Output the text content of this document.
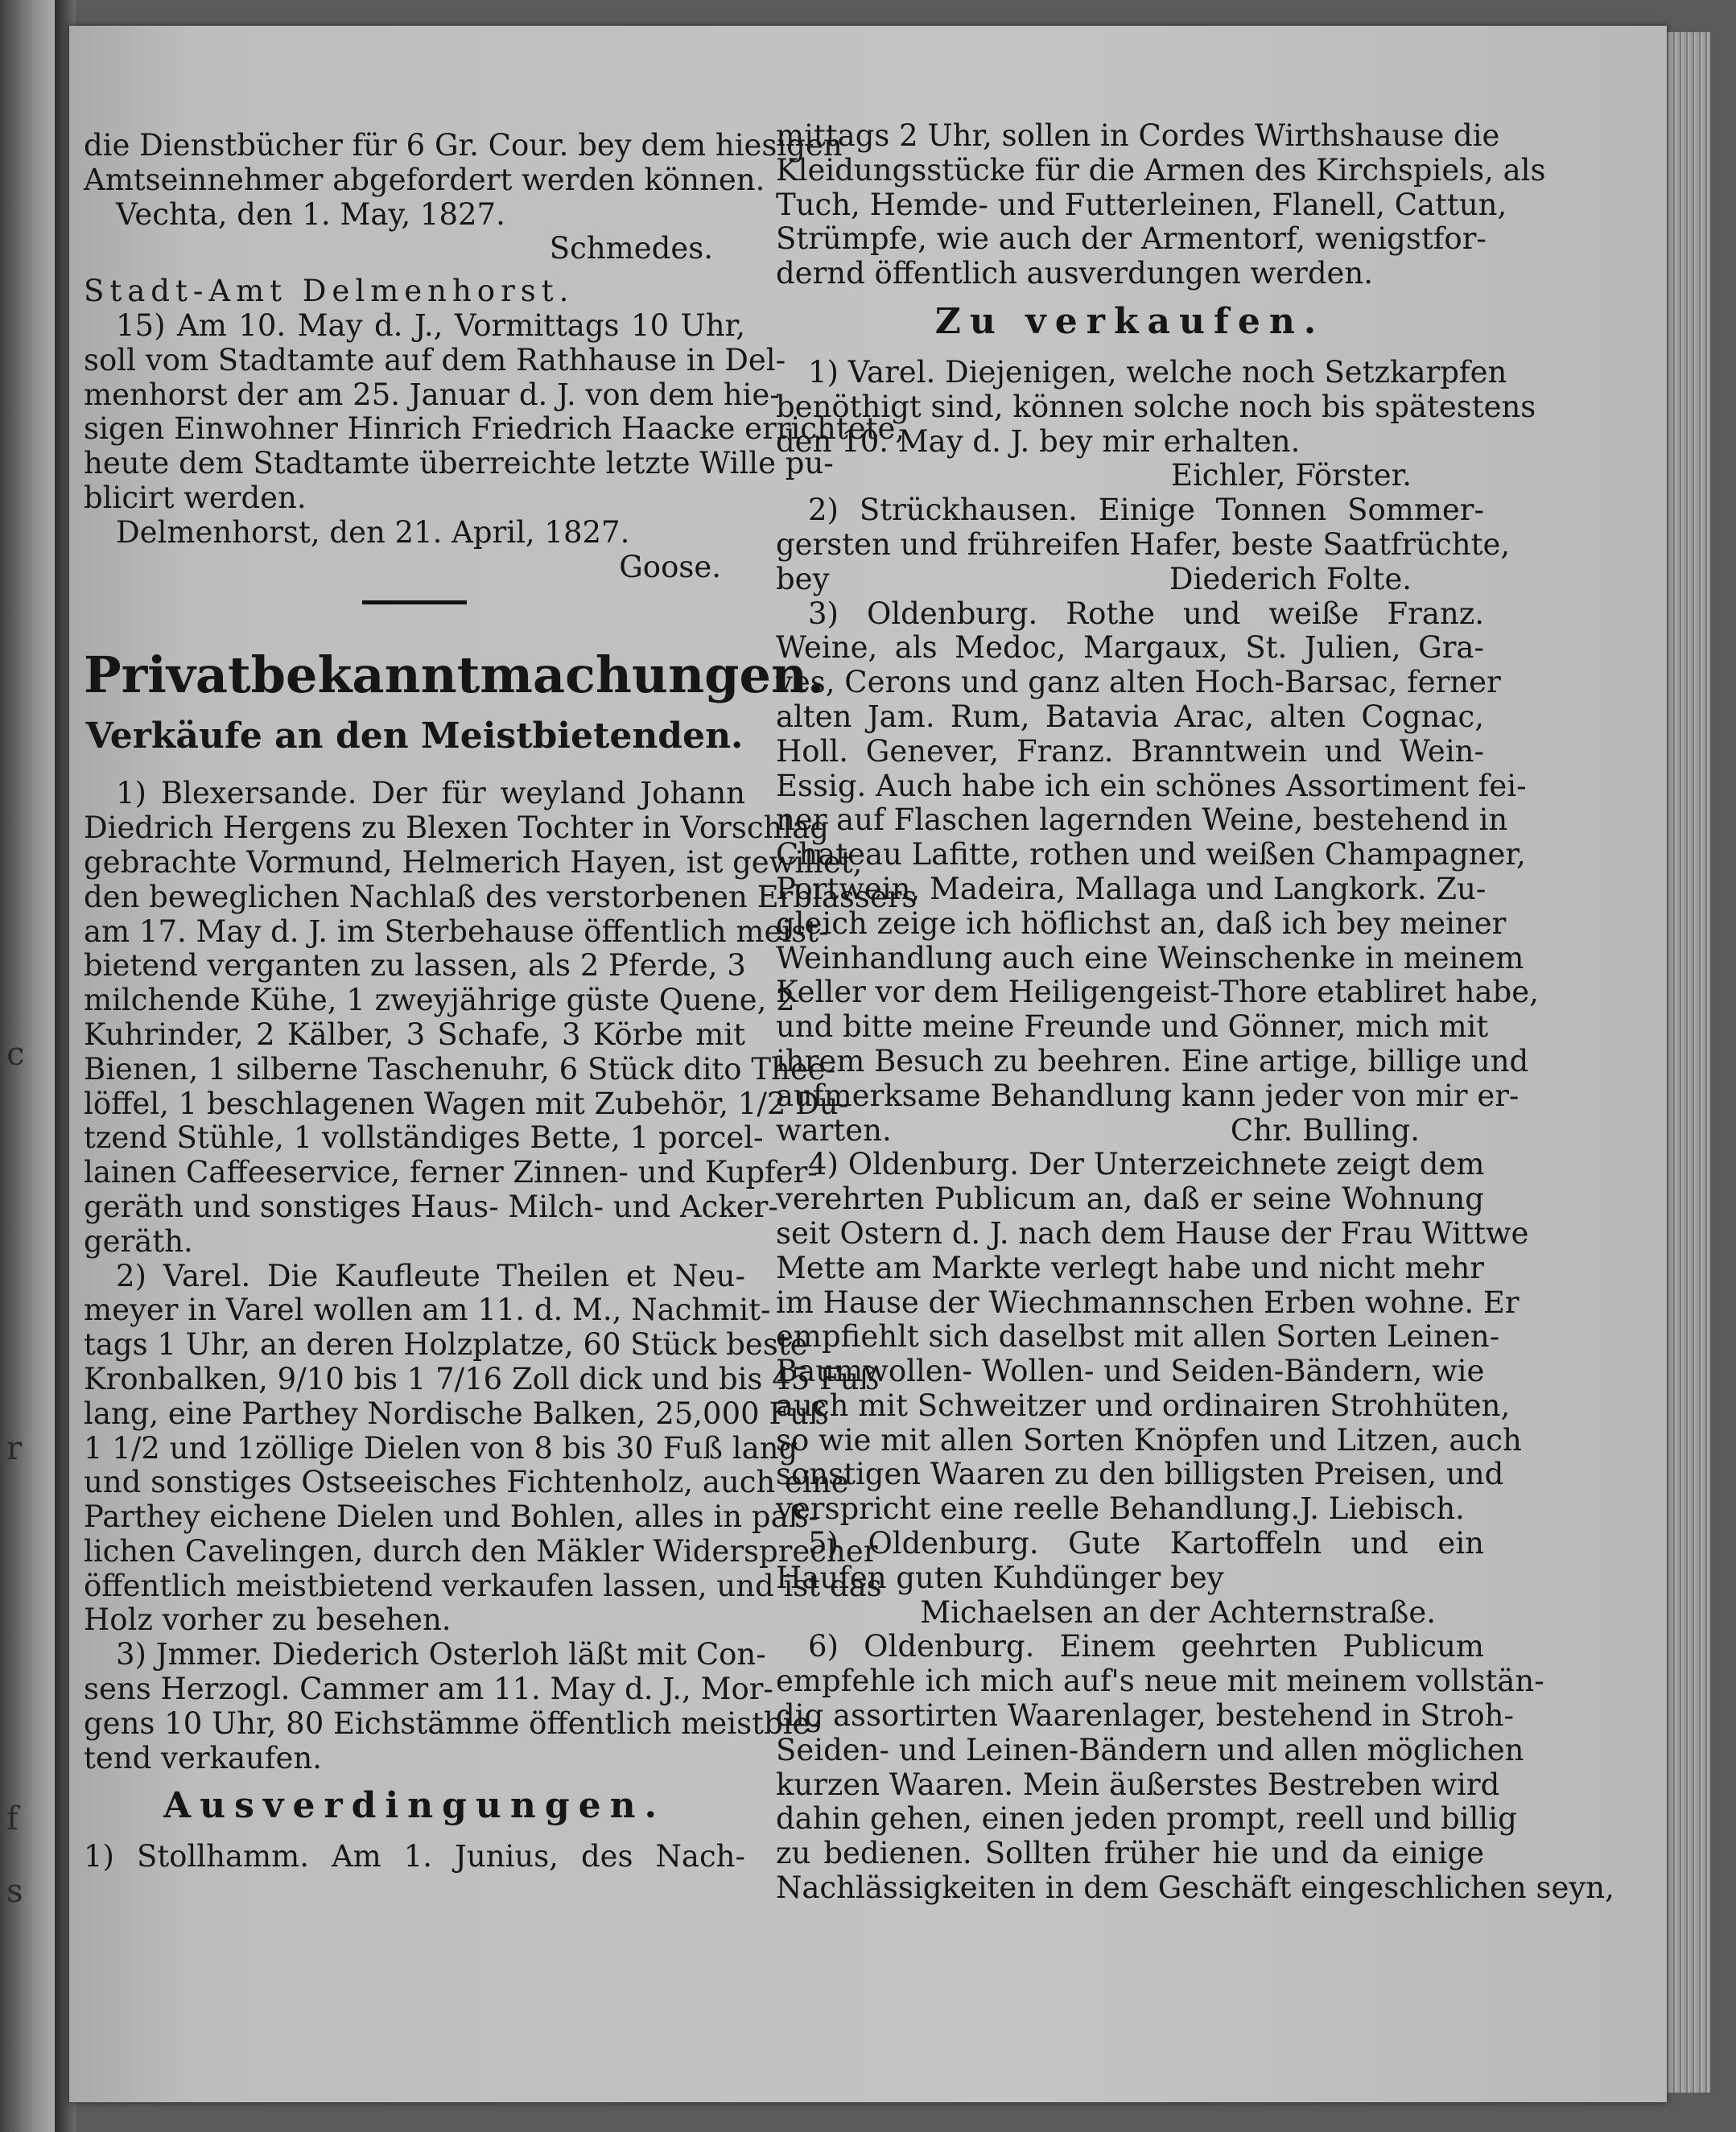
c
r
f
s
die Dienstbücher für 6 Gr. Cour. bey dem hiesigen
Amtseinnehmer abgefordert werden können.
Vechta, den 1. May, 1827.
Schmedes.
Stadt-Amt Delmenhorst.
15) Am 10. May d. J., Vormittags 10 Uhr,
soll vom Stadtamte auf dem Rathhause in Del-
menhorst der am 25. Januar d. J. von dem hie-
sigen Einwohner Hinrich Friedrich Haacke errichtete,
heute dem Stadtamte überreichte letzte Wille pu-
blicirt werden.
Delmenhorst, den 21. April, 1827.
Goose.
Privatbekanntmachungen.
Verkäufe an den Meistbietenden.
1) Blexersande. Der für weyland Johann
Diedrich Hergens zu Blexen Tochter in Vorschlag
gebrachte Vormund, Helmerich Hayen, ist gewillet,
den beweglichen Nachlaß des verstorbenen Erblassers
am 17. May d. J. im Sterbehause öffentlich meist-
bietend verganten zu lassen, als 2 Pferde, 3
milchende Kühe, 1 zweyjährige güste Quene, 2
Kuhrinder, 2 Kälber, 3 Schafe, 3 Körbe mit
Bienen, 1 silberne Taschenuhr, 6 Stück dito Thee-
löffel, 1 beschlagenen Wagen mit Zubehör, 1/2 Du-
tzend Stühle, 1 vollständiges Bette, 1 porcel-
lainen Caffeeservice, ferner Zinnen- und Kupfer-
geräth und sonstiges Haus- Milch- und Acker-
geräth.
2) Varel. Die Kaufleute Theilen et Neu-
meyer in Varel wollen am 11. d. M., Nachmit-
tags 1 Uhr, an deren Holzplatze, 60 Stück beste
Kronbalken, 9/10 bis 1 7/16 Zoll dick und bis 45 Fuß
lang, eine Parthey Nordische Balken, 25,000 Fuß
1 1/2 und 1zöllige Dielen von 8 bis 30 Fuß lang
und sonstiges Ostseeisches Fichtenholz, auch eine
Parthey eichene Dielen und Bohlen, alles in paß-
lichen Cavelingen, durch den Mäkler Widersprecher
öffentlich meistbietend verkaufen lassen, und ist das
Holz vorher zu besehen.
3) Jmmer. Diederich Osterloh läßt mit Con-
sens Herzogl. Cammer am 11. May d. J., Mor-
gens 10 Uhr, 80 Eichstämme öffentlich meistbie-
tend verkaufen.
Ausverdingungen.
1) Stollhamm. Am 1. Junius, des Nach-
mittags 2 Uhr, sollen in Cordes Wirthshause die
Kleidungsstücke für die Armen des Kirchspiels, als
Tuch, Hemde- und Futterleinen, Flanell, Cattun,
Strümpfe, wie auch der Armentorf, wenigstfor-
dernd öffentlich ausverdungen werden.
Zu verkaufen.
1) Varel. Diejenigen, welche noch Setzkarpfen
benöthigt sind, können solche noch bis spätestens
den 10. May d. J. bey mir erhalten.
Eichler, Förster.
2) Strückhausen. Einige Tonnen Sommer-
gersten und frühreifen Hafer, beste Saatfrüchte,
bey	Diederich Folte.
3) Oldenburg. Rothe und weiße Franz.
Weine, als Medoc, Margaux, St. Julien, Gra-
ves, Cerons und ganz alten Hoch-Barsac, ferner
alten Jam. Rum, Batavia Arac, alten Cognac,
Holl. Genever, Franz. Branntwein und Wein-
Essig. Auch habe ich ein schönes Assortiment fei-
ner auf Flaschen lagernden Weine, bestehend in
Chateau Lafitte, rothen und weißen Champagner,
Portwein, Madeira, Mallaga und Langkork. Zu-
gleich zeige ich höflichst an, daß ich bey meiner
Weinhandlung auch eine Weinschenke in meinem
Keller vor dem Heiligengeist-Thore etabliret habe,
und bitte meine Freunde und Gönner, mich mit
ihrem Besuch zu beehren. Eine artige, billige und
aufmerksame Behandlung kann jeder von mir er-
warten.	Chr. Bulling.
4) Oldenburg. Der Unterzeichnete zeigt dem
verehrten Publicum an, daß er seine Wohnung
seit Ostern d. J. nach dem Hause der Frau Wittwe
Mette am Markte verlegt habe und nicht mehr
im Hause der Wiechmannschen Erben wohne. Er
empfiehlt sich daselbst mit allen Sorten Leinen-
Baumwollen- Wollen- und Seiden-Bändern, wie
auch mit Schweitzer und ordinairen Strohhüten,
so wie mit allen Sorten Knöpfen und Litzen, auch
sonstigen Waaren zu den billigsten Preisen, und
verspricht eine reelle Behandlung. J. Liebisch.
5) Oldenburg. Gute Kartoffeln und ein
Haufen guten Kuhdünger bey
Michaelsen an der Achternstraße.
6) Oldenburg. Einem geehrten Publicum
empfehle ich mich auf's neue mit meinem vollstän-
dig assortirten Waarenlager, bestehend in Stroh-
Seiden- und Leinen-Bändern und allen möglichen
kurzen Waaren. Mein äußerstes Bestreben wird
dahin gehen, einen jeden prompt, reell und billig
zu bedienen. Sollten früher hie und da einige
Nachlässigkeiten in dem Geschäft eingeschlichen seyn,
